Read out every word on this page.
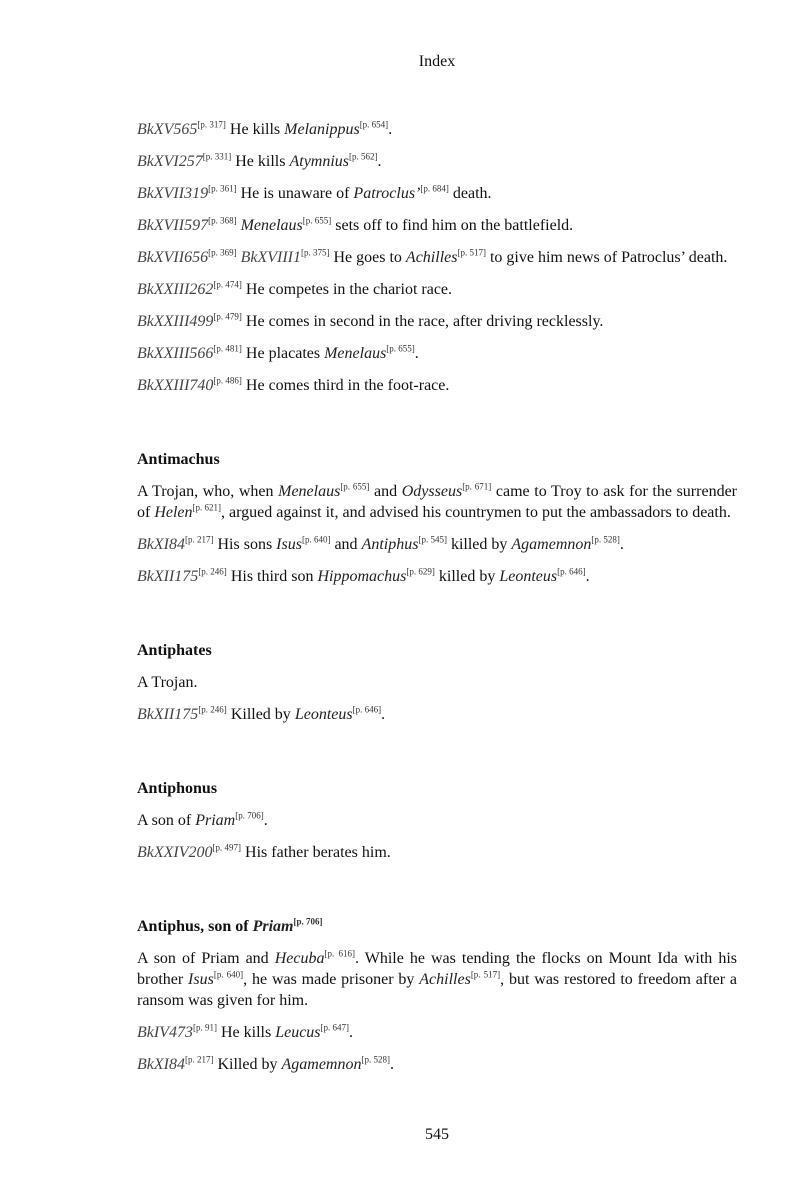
Index
BkXV565[p. 317] He kills Melanippus[p. 654].
BkXVI257[p. 331] He kills Atymnius[p. 562].
BkXVII319[p. 361] He is unaware of Patroclus’[p. 684] death.
BkXVII597[p. 368] Menelaus[p. 655] sets off to find him on the battlefield.
BkXVII656[p. 369] BkXVIII1[p. 375] He goes to Achilles[p. 517] to give him news of Patroclus’ death.
BkXXIII262[p. 474] He competes in the chariot race.
BkXXIII499[p. 479] He comes in second in the race, after driving recklessly.
BkXXIII566[p. 481] He placates Menelaus[p. 655].
BkXXIII740[p. 486] He comes third in the foot-race.
Antimachus
A Trojan, who, when Menelaus[p. 655] and Odysseus[p. 671] came to Troy to ask for the surrender of Helen[p. 621], argued against it, and advised his countrymen to put the ambassadors to death.
BkXI84[p. 217] His sons Isus[p. 640] and Antiphus[p. 545] killed by Agamemnon[p. 528].
BkXII175[p. 246] His third son Hippomachus[p. 629] killed by Leonteus[p. 646].
Antiphates
A Trojan.
BkXII175[p. 246] Killed by Leonteus[p. 646].
Antiphonus
A son of Priam[p. 706].
BkXXIV200[p. 497] His father berates him.
Antiphus, son of Priam[p. 706]
A son of Priam and Hecuba[p. 616]. While he was tending the flocks on Mount Ida with his brother Isus[p. 640], he was made prisoner by Achilles[p. 517], but was restored to freedom after a ransom was given for him.
BkIV473[p. 91] He kills Leucus[p. 647].
BkXI84[p. 217] Killed by Agamemnon[p. 528].
545
